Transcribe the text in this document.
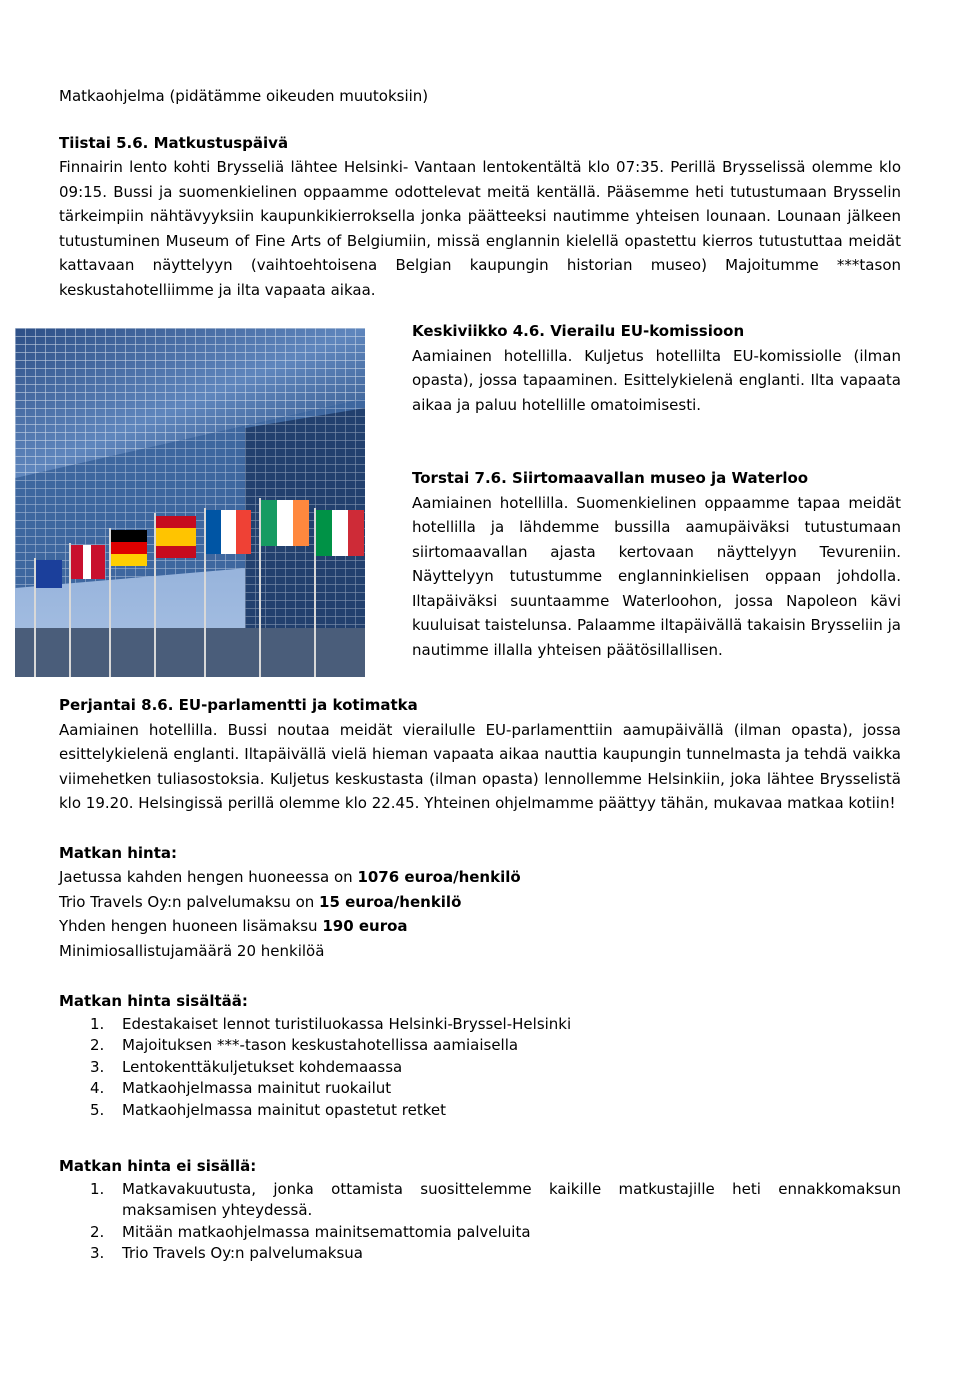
Matkaohjelma (pidätämme oikeuden muutoksiin)

Tiistai 5.6. Matkustuspäivä

Finnairin lento kohti Brysseliä lähtee Helsinki- Vantaan lentokentältä klo 07:35. Perillä Brysselissä olemme klo 09:15. Bussi ja suomenkielinen oppaamme odottelevat meitä kentällä. Pääsemme heti tutustumaan Brysselin tärkeimpiin nähtävyyksiin kaupunkikierroksella jonka päätteeksi nautimme yhteisen lounaan. Lounaan jälkeen tutustuminen Museum of Fine Arts of Belgiumiin, missä englannin kielellä opastettu kierros tutustuttaa meidät kattavaan näyttelyyn (vaihtoehtoisena Belgian kaupungin historian museo) Majoitumme ***tason keskustahotelliimme ja ilta vapaata aikaa.

Keskiviikko 4.6. Vierailu EU-komissioon

Aamiainen hotellilla. Kuljetus hotellilta EU-komissiolle (ilman opasta), jossa tapaaminen. Esittelykielenä englanti. Ilta vapaata aikaa ja paluu hotellille omatoimisesti.

Torstai 7.6. Siirtomaavallan museo ja Waterloo

Aamiainen hotellilla. Suomenkielinen oppaamme tapaa meidät hotellilla ja lähdemme bussilla aamupäiväksi tutustumaan siirtomaavallan ajasta kertovaan näyttelyyn Tevureniin. Näyttelyyn tutustumme englanninkielisen oppaan johdolla. Iltapäiväksi suuntaamme Waterloohon, jossa Napoleon kävi kuuluisat taistelunsa. Palaamme iltapäivällä takaisin Brysseliin ja nautimme illalla yhteisen päätösillallisen.

Perjantai 8.6. EU-parlamentti ja kotimatka

Aamiainen hotellilla. Bussi noutaa meidät vierailulle EU-parlamenttiin aamupäivällä (ilman opasta), jossa esittelykielenä englanti. Iltapäivällä vielä hieman vapaata aikaa nauttia kaupungin tunnelmasta ja tehdä vaikka viimehetken tuliasostoksia. Kuljetus keskustasta (ilman opasta) lennollemme Helsinkiin, joka lähtee Brysselistä klo 19.20. Helsingissä perillä olemme klo 22.45. Yhteinen ohjelmamme päättyy tähän, mukavaa matkaa kotiin!

Matkan hinta:
Jaetussa kahden hengen huoneessa on 1076 euroa/henkilö
Trio Travels Oy:n palvelumaksu on 15 euroa/henkilö
Yhden hengen huoneen lisämaksu 190 euroa
Minimiosallistujamäärä 20 henkilöä
Matkan hinta sisältää:
1. Edestakaiset lennot turistiluokassa Helsinki-Bryssel-Helsinki
2. Majoituksen ***-tason keskustahotellissa aamiaisella
3. Lentokenttäkuljetukset kohdemaassa
4. Matkaohjelmassa mainitut ruokailut
5. Matkaohjelmassa mainitut opastetut retket
Matkan hinta ei sisällä:
1. Matkavakuutusta, jonka ottamista suosittelemme kaikille matkustajille heti ennakkomaksun maksamisen yhteydessä.
2. Mitään matkaohjelmassa mainitsemattomia palveluita
3. Trio Travels Oy:n palvelumaksua
